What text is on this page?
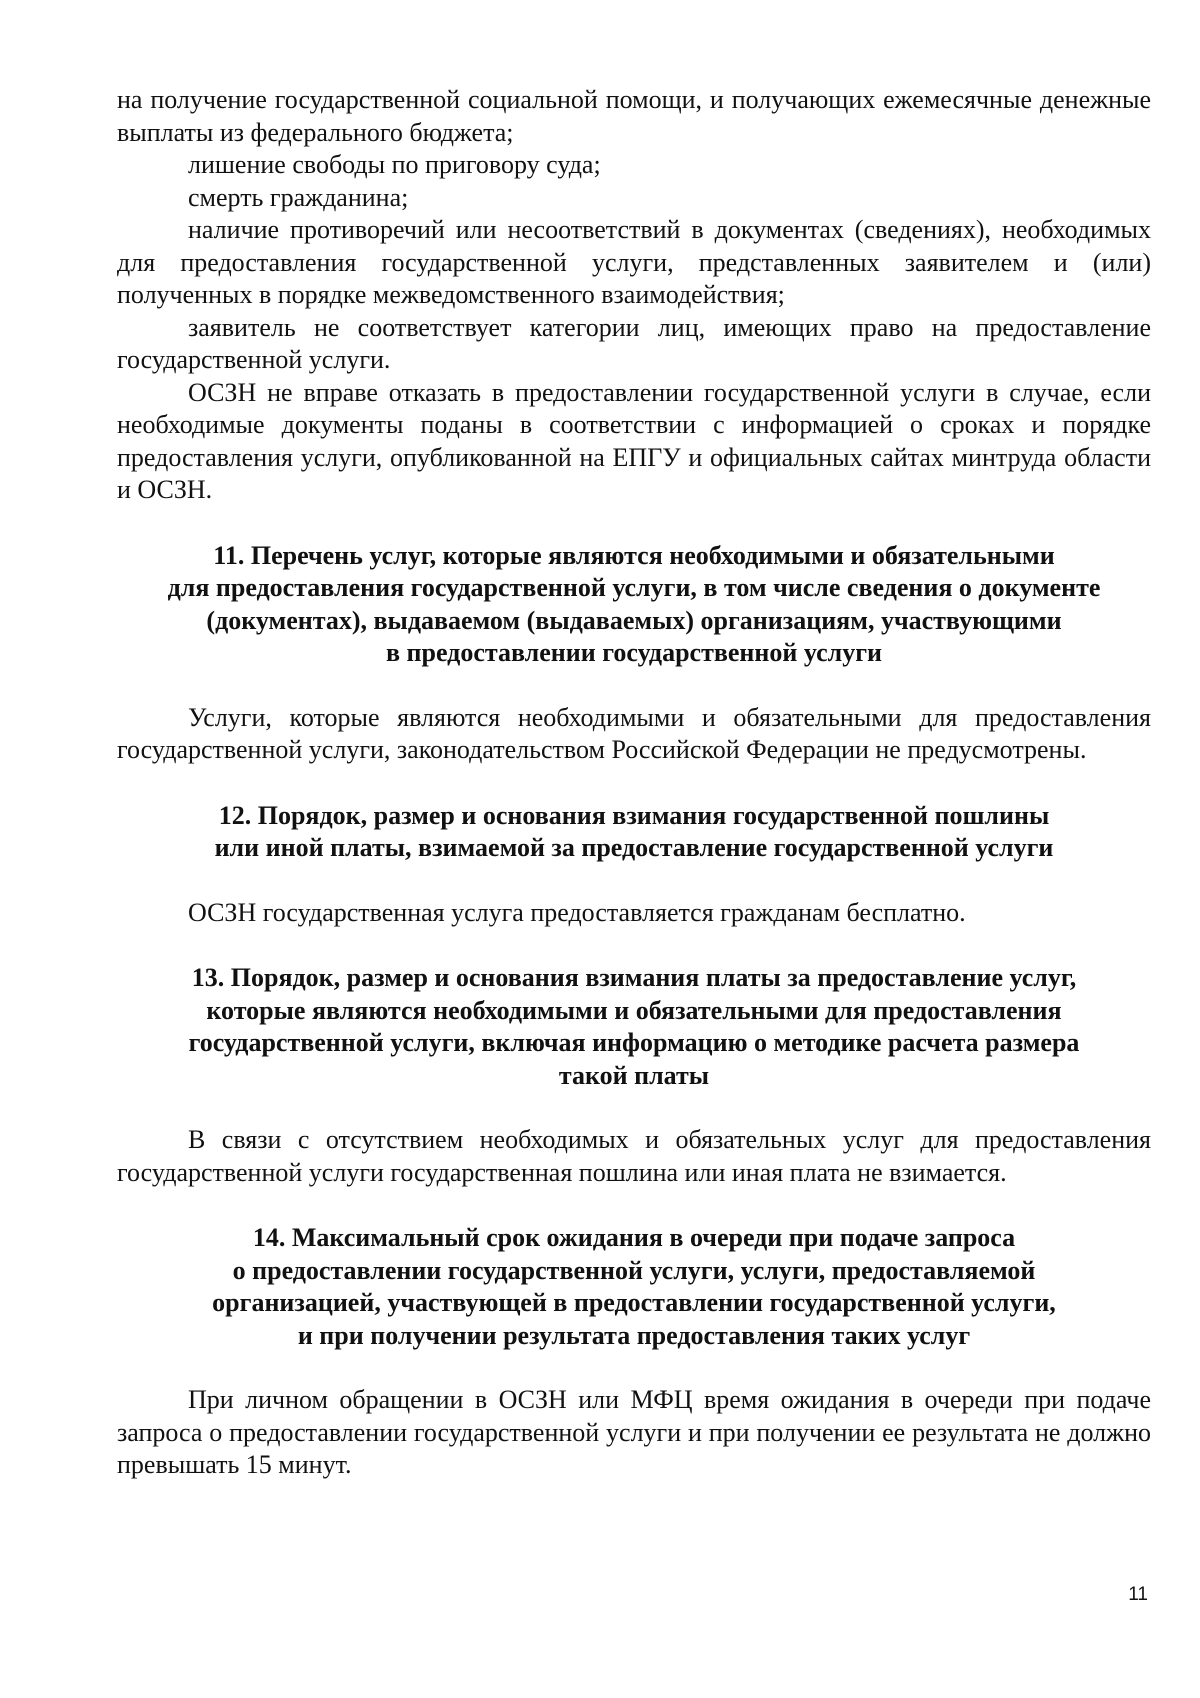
на получение государственной социальной помощи, и получающих ежемесячные денежные выплаты из федерального бюджета;

лишение свободы по приговору суда;

смерть гражданина;

наличие противоречий или несоответствий в документах (сведениях), необходимых для предоставления государственной услуги, представленных заявителем и (или) полученных в порядке межведомственного взаимодействия;

заявитель не соответствует категории лиц, имеющих право на предоставление государственной услуги.

ОСЗН не вправе отказать в предоставлении государственной услуги в случае, если необходимые документы поданы в соответствии с информацией о сроках и порядке предоставления услуги, опубликованной на ЕПГУ и официальных сайтах минтруда области и ОСЗН.

11. Перечень услуг, которые являются необходимыми и обязательными
для предоставления государственной услуги, в том числе сведения о документе
(документах), выдаваемом (выдаваемых) организациям, участвующими
в предоставлении государственной услуги

Услуги, которые являются необходимыми и обязательными для предоставления государственной услуги, законодательством Российской Федерации не предусмотрены.

12. Порядок, размер и основания взимания государственной пошлины
или иной платы, взимаемой за предоставление государственной услуги

ОСЗН государственная услуга предоставляется гражданам бесплатно.

13. Порядок, размер и основания взимания платы за предоставление услуг,
которые являются необходимыми и обязательными для предоставления
государственной услуги, включая информацию о методике расчета размера
такой платы

В связи с отсутствием необходимых и обязательных услуг для предоставления государственной услуги государственная пошлина или иная плата не взимается.

14. Максимальный срок ожидания в очереди при подаче запроса
о предоставлении государственной услуги, услуги, предоставляемой
организацией, участвующей в предоставлении государственной услуги,
и при получении результата предоставления таких услуг

При личном обращении в ОСЗН или МФЦ время ожидания в очереди при подаче запроса о предоставлении государственной услуги и при получении ее результата не должно превышать 15 минут.

11
